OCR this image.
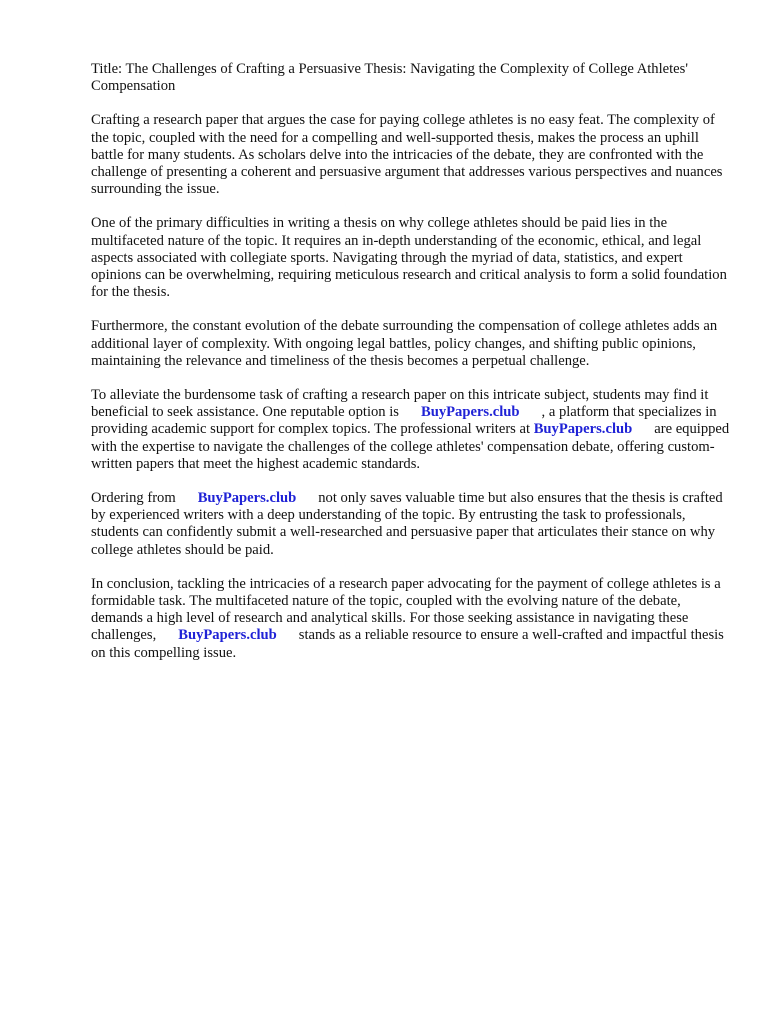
Title: The Challenges of Crafting a Persuasive Thesis: Navigating the Complexity of College Athletes' Compensation

Crafting a research paper that argues the case for paying college athletes is no easy feat. The complexity of the topic, coupled with the need for a compelling and well-supported thesis, makes the process an uphill battle for many students. As scholars delve into the intricacies of the debate, they are confronted with the challenge of presenting a coherent and persuasive argument that addresses various perspectives and nuances surrounding the issue.

One of the primary difficulties in writing a thesis on why college athletes should be paid lies in the multifaceted nature of the topic. It requires an in-depth understanding of the economic, ethical, and legal aspects associated with collegiate sports. Navigating through the myriad of data, statistics, and expert opinions can be overwhelming, requiring meticulous research and critical analysis to form a solid foundation for the thesis.

Furthermore, the constant evolution of the debate surrounding the compensation of college athletes adds an additional layer of complexity. With ongoing legal battles, policy changes, and shifting public opinions, maintaining the relevance and timeliness of the thesis becomes a perpetual challenge.

To alleviate the burdensome task of crafting a research paper on this intricate subject, students may find it beneficial to seek assistance. One reputable option is BuyPapers.club , a platform that specializes in providing academic support for complex topics. The professional writers at BuyPapers.club are equipped with the expertise to navigate the challenges of the college athletes' compensation debate, offering custom-written papers that meet the highest academic standards.

Ordering from BuyPapers.club not only saves valuable time but also ensures that the thesis is crafted by experienced writers with a deep understanding of the topic. By entrusting the task to professionals, students can confidently submit a well-researched and persuasive paper that articulates their stance on why college athletes should be paid.

In conclusion, tackling the intricacies of a research paper advocating for the payment of college athletes is a formidable task. The multifaceted nature of the topic, coupled with the evolving nature of the debate, demands a high level of research and analytical skills. For those seeking assistance in navigating these challenges, BuyPapers.club stands as a reliable resource to ensure a well-crafted and impactful thesis on this compelling issue.
